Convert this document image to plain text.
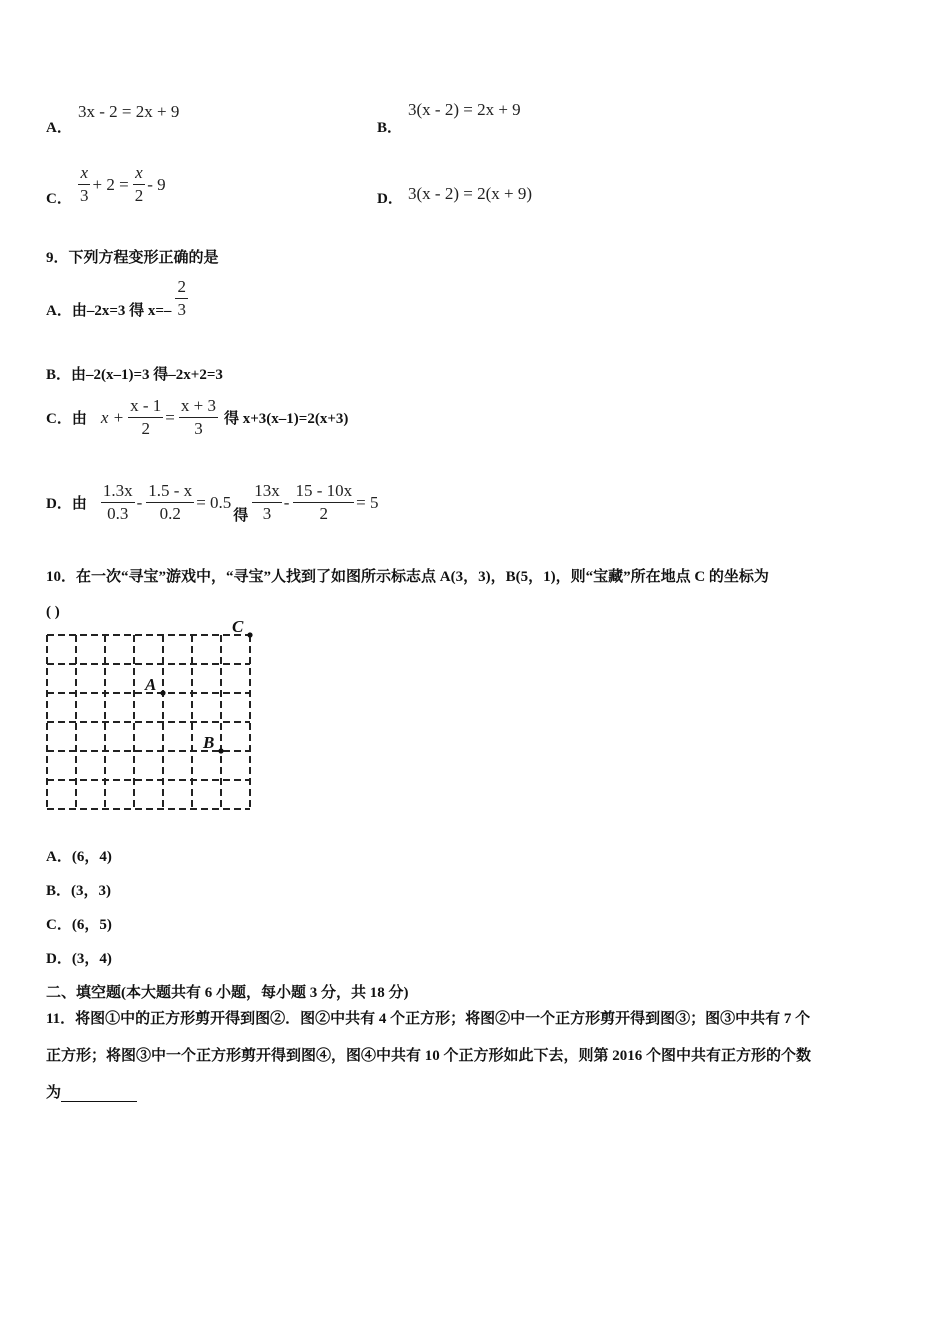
A．
3x - 2 = 2x + 9
B．
3(x - 2) = 2x + 9
C． $\frac{x}{3} + 2 = \frac{x}{2} - 9$
D． 3(x - 2) = 2(x + 9)
9．下列方程变形正确的是
A．由–2x=3 得 $x=- \frac{2}{3}$
B．由–2(x–1)=3 得–2x+2=3
C．由 $x + \frac{x - 1}{2} = \frac{x + 3}{3}$ 得 x+3(x–1)=2(x+3)
D．由 $\frac{1.3x}{0.3} - \frac{1.5 - x}{0.2} = 0.5$
得 $\frac{13x}{3} - \frac{15 - 10x}{2} = 5$
10．在一次“寻宝”游戏中，“寻宝”人找到了如图所示标志点 A(3，3)，B(5，1)，则“宝藏”所在地点 C 的坐标为
( )
A
B
C
A．(6，4)
B．(3，3)
C．(6，5)
D．(3，4)
二、填空题(本大题共有 6 小题，每小题 3 分，共 18 分)
11．将图①中的正方形剪开得到图②．图②中共有 4 个正方形；将图②中一个正方形剪开得到图③；图③中共有 7 个
正方形；将图③中一个正方形剪开得到图④，图④中共有 10 个正方形如此下去，则第 2016 个图中共有正方形的个数
为
